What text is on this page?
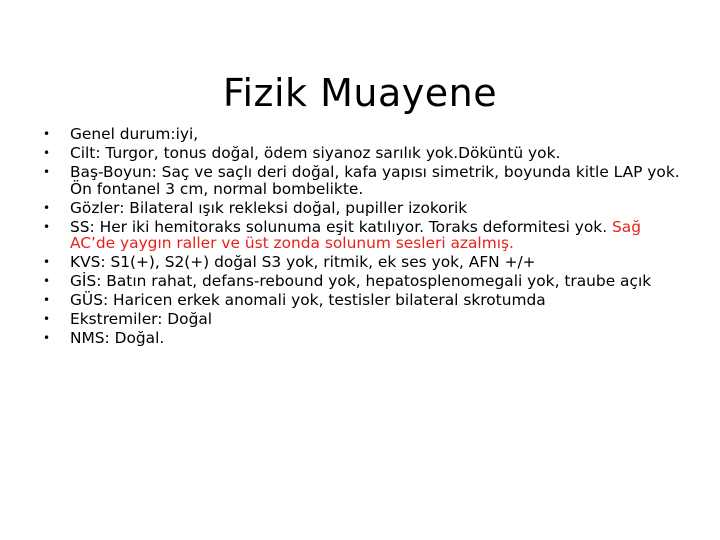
Fizik Muayene
• Genel durum:iyi,
• Cilt: Turgor, tonus doğal, ödem siyanoz sarılık yok.Döküntü yok.
• Baş-Boyun: Saç ve saçlı deri doğal, kafa yapısı simetrik, boyunda kitle LAP yok. Ön fontanel 3 cm, normal bombelikte.
• Gözler: Bilateral ışık rekleksi doğal, pupiller izokorik
• SS: Her iki hemitoraks solunuma eşit katılıyor. Toraks deformitesi yok. Sağ AC’de yaygın raller ve üst zonda solunum sesleri azalmış.
• KVS: S1(+), S2(+) doğal S3 yok, ritmik, ek ses yok, AFN +/+
• GİS: Batın rahat, defans-rebound yok, hepatosplenomegali yok, traube açık
• GÜS: Haricen erkek anomali yok, testisler bilateral skrotumda
• Ekstremiler: Doğal
• NMS: Doğal.
